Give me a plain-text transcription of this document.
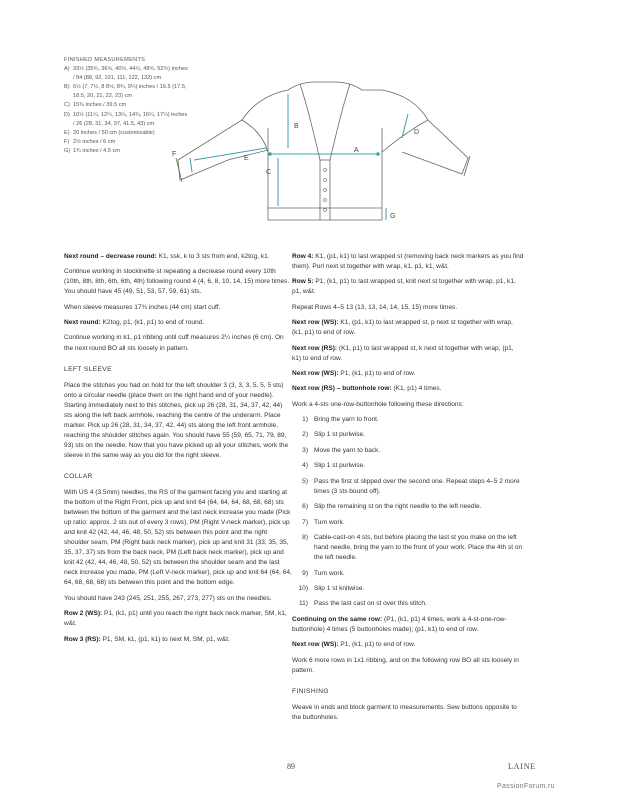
FINISHED MEASUREMENTS
A) 33½ (35¾, 36¾, 40½, 44½, 48¾, 52¾) inches
/ 84 (88, 92, 101, 111, 122, 132) cm
B) 6½ (7, 7½, 8 8½, 8¾, 9¼) inches / 16.5 (17.5,
18.5, 20, 21, 22, 23) cm
C) 15¾ inches / 39.5 cm
D) 10½ (11¼, 12¼, 13¼, 14¾, 16¼, 17¼) inches
/ 26 (28, 31, 34, 37, 41.5, 43) cm
E) 20 inches / 50 cm (customizable)
F) 2½ inches / 6 cm
G) 1¾ inches / 4.5 cm	A
B
C
D
E
F
G

Next round – decrease round: K1, ssk, k to 3 sts from end, k2tog, k1.

Continue working in stockinette st repeating a decrease round every 10th (10th, 8th, 8th, 6th, 6th, 4th) following round 4 (4, 6, 8, 10, 14, 15) more times. You should have 45 (49, 51, 53, 57, 59, 61) sts.

When sleeve measures 17¾ inches (44 cm) start cuff.

Next round: K2tog, p1, (k1, p1) to end of round.

Continue working in k1, p1 ribbing until cuff measures 2¼ inches (6 cm). On the next round BO all sts loosely in pattern.

LEFT SLEEVE

Place the stitches you had on hold for the left shoulder 3 (3, 3, 3, 5, 5, 5 sts) onto a circular needle (place them on the right hand end of your needle). Starting immediately next to this stitches, pick up 26 (28, 31, 34, 37, 42, 44) sts along the left back armhole, reaching the centre of the underarm. Place marker. Pick up 26 (28, 31, 34, 37, 42, 44) sts along the left front armhole, reaching the shoulder stitches again. You should have 55 (59, 65, 71, 79, 89, 93) sts on the needle. Now that you have picked up all your stitches, work the sleeve in the same way as you did for the right sleeve.

COLLAR

With US 4 (3.5mm) needles, the RS of the garment facing you and starting at the bottom of the Right Front, pick up and knit 64 (64, 64, 64, 68, 68, 68) sts between the bottom of the garment and the last neck increase you made (Pick up ratio: approx. 2 sts out of every 3 rows), PM (Right V-neck marker), pick up and knit 42 (42, 44, 46, 48, 50, 52) sts between this point and the right shoulder seam, PM (Right back neck marker), pick up and knit 31 (33, 35, 35, 35, 37, 37) sts from the back neck, PM (Left back neck marker), pick up and knit 42 (42, 44, 46, 48, 50, 52) sts between the shoulder seam and the last neck increase you made, PM (Left V-neck marker), pick up and knit 64 (64, 64, 64, 68, 68, 68) sts between this point and the bottom edge.

You should have 243 (245, 251, 255, 267, 273, 277) sts on the needles.

Row 2 (WS): P1, (k1, p1) until you reach the right back neck marker, SM, k1, w&t.

Row 3 (RS): P1, SM, k1, (p1, k1) to next M, SM, p1, w&t.

Row 4: K1, (p1, k1) to last wrapped st (removing back neck markers as you find them). Purl next st together with wrap, k1, p1, k1, w&t.

Row 5: P1, (k1, p1) to last wrapped st, knit next st together with wrap, p1, k1, p1, w&t.

Repeat Rows 4–5 13 (13, 13, 14, 14, 15, 15) more times.

Next row (WS): K1, (p1, k1) to last wrapped st, p next st together with wrap, (k1, p1) to end of row.

Next row (RS): (K1, p1) to last wrapped st, k next st together with wrap, (p1, k1) to end of row.

Next row (WS): P1, (k1, p1) to end of row.

Next row (RS) – buttonhole row: (K1, p1) 4 times.

Work a 4-sts one-row-buttonhole following these directions:

1) Bring the yarn to front.
2) Slip 1 st purlwise.
3) Move the yarn to back.
4) Slip 1 st purlwise.
5) Pass the first st slipped over the second one. Repeat steps 4–5 2 more times (3 sts bound off).
6) Slip the remaining st on the right needle to the left needle.
7) Turn work.
8) Cable-cast-on 4 sts, but before placing the last st you make on the left hand needle, bring the yarn to the front of your work. Place the 4th st on the left needle.
9) Turn work.
10) Slip 1 st knitwise.
11) Pass the last cast on st over this stitch.

Continuing on the same row: (P1, (k1, p1) 4 times, work a 4-st-one-row-buttonhole) 4 times (5 buttonholes made); (p1, k1) to end of row.

Next row (WS): P1, (k1, p1) to end of row.

Work 6 more rows in 1x1 ribbing, and on the following row BO all sts loosely in pattern.

FINISHING

Weave in ends and block garment to measurements. Sew buttons opposite to the buttonholes.

89	LAINE
PassionForum.ru
